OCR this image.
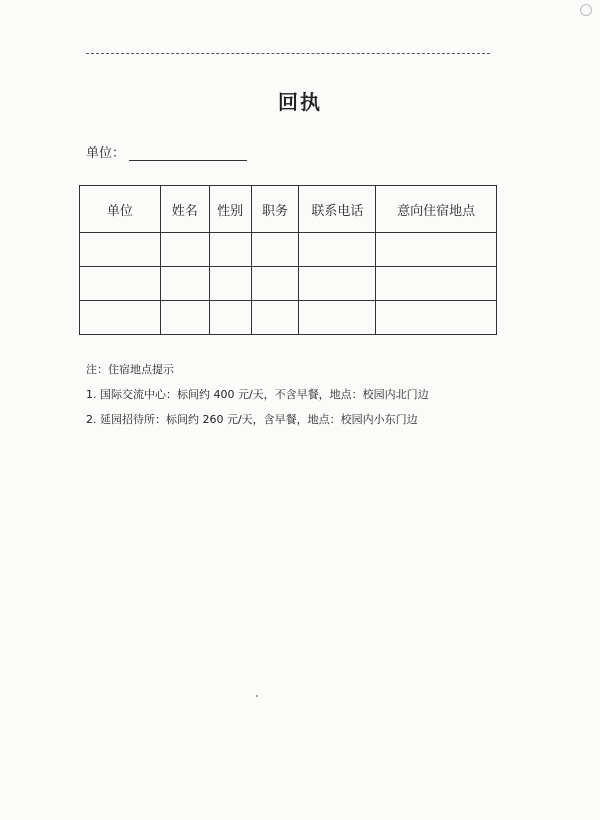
回执
单位：
单位	姓名	性别	职务	联系电话	意向住宿地点

注：住宿地点提示
1. 国际交流中心：标间约 400 元/天，不含早餐，地点：校园内北门边
2. 延园招待所：标间约 260 元/天，含早餐，地点：校园内小东门边
